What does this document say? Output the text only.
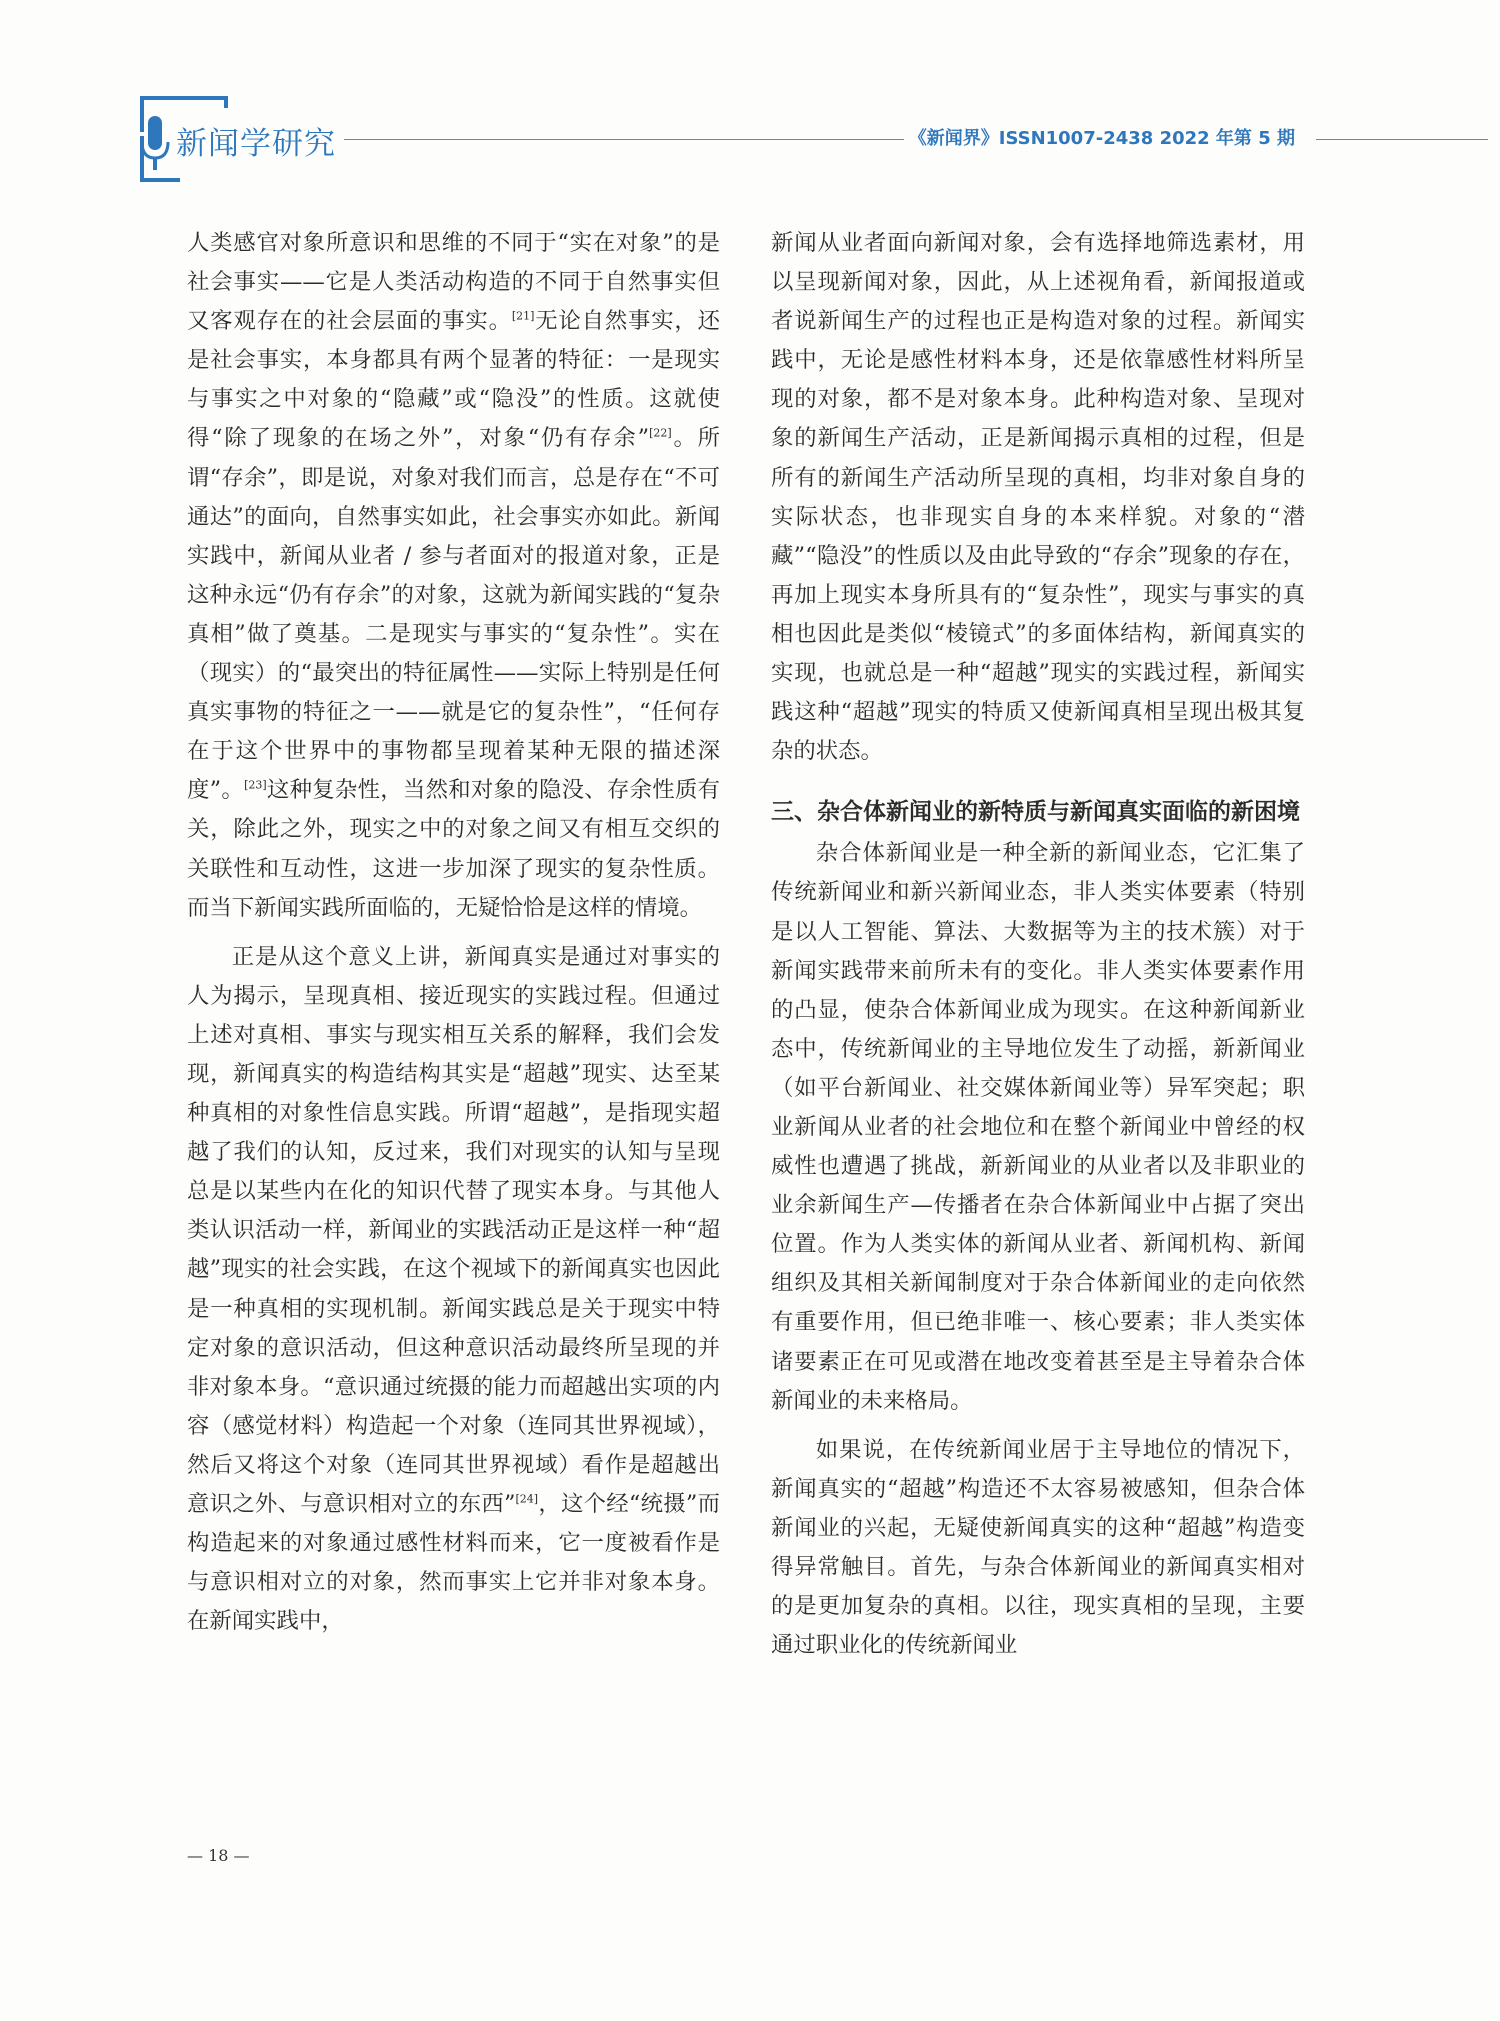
新闻学研究	《新闻界》ISSN1007-2438 2022 年第 5 期

人类感官对象所意识和思维的不同于“实在对象”的是社会事实——它是人类活动构造的不同于自然事实但又客观存在的社会层面的事实。[21]无论自然事实，还是社会事实，本身都具有两个显著的特征：一是现实与事实之中对象的“隐藏”或“隐没”的性质。这就使得“除了现象的在场之外”，对象“仍有存余”[22]。所谓“存余”，即是说，对象对我们而言，总是存在“不可通达”的面向，自然事实如此，社会事实亦如此。新闻实践中，新闻从业者 / 参与者面对的报道对象，正是这种永远“仍有存余”的对象，这就为新闻实践的“复杂真相”做了奠基。二是现实与事实的“复杂性”。实在（现实）的“最突出的特征属性——实际上特别是任何真实事物的特征之一——就是它的复杂性”，“任何存在于这个世界中的事物都呈现着某种无限的描述深度”。[23]这种复杂性，当然和对象的隐没、存余性质有关，除此之外，现实之中的对象之间又有相互交织的关联性和互动性，这进一步加深了现实的复杂性质。而当下新闻实践所面临的，无疑恰恰是这样的情境。

正是从这个意义上讲，新闻真实是通过对事实的人为揭示，呈现真相、接近现实的实践过程。但通过上述对真相、事实与现实相互关系的解释，我们会发现，新闻真实的构造结构其实是“超越”现实、达至某种真相的对象性信息实践。所谓“超越”，是指现实超越了我们的认知，反过来，我们对现实的认知与呈现总是以某些内在化的知识代替了现实本身。与其他人类认识活动一样，新闻业的实践活动正是这样一种“超越”现实的社会实践，在这个视域下的新闻真实也因此是一种真相的实现机制。新闻实践总是关于现实中特定对象的意识活动，但这种意识活动最终所呈现的并非对象本身。“意识通过统摄的能力而超越出实项的内容（感觉材料）构造起一个对象（连同其世界视域），然后又将这个对象（连同其世界视域）看作是超越出意识之外、与意识相对立的东西”[24]，这个经“统摄”而构造起来的对象通过感性材料而来，它一度被看作是与意识相对立的对象，然而事实上它并非对象本身。在新闻实践中，

新闻从业者面向新闻对象，会有选择地筛选素材，用以呈现新闻对象，因此，从上述视角看，新闻报道或者说新闻生产的过程也正是构造对象的过程。新闻实践中，无论是感性材料本身，还是依靠感性材料所呈现的对象，都不是对象本身。此种构造对象、呈现对象的新闻生产活动，正是新闻揭示真相的过程，但是所有的新闻生产活动所呈现的真相，均非对象自身的实际状态，也非现实自身的本来样貌。对象的“潜藏”“隐没”的性质以及由此导致的“存余”现象的存在，再加上现实本身所具有的“复杂性”，现实与事实的真相也因此是类似“棱镜式”的多面体结构，新闻真实的实现，也就总是一种“超越”现实的实践过程，新闻实践这种“超越”现实的特质又使新闻真相呈现出极其复杂的状态。

三、杂合体新闻业的新特质与新闻真实面临的新困境

杂合体新闻业是一种全新的新闻业态，它汇集了传统新闻业和新兴新闻业态，非人类实体要素（特别是以人工智能、算法、大数据等为主的技术簇）对于新闻实践带来前所未有的变化。非人类实体要素作用的凸显，使杂合体新闻业成为现实。在这种新闻新业态中，传统新闻业的主导地位发生了动摇，新新闻业（如平台新闻业、社交媒体新闻业等）异军突起；职业新闻从业者的社会地位和在整个新闻业中曾经的权威性也遭遇了挑战，新新闻业的从业者以及非职业的业余新闻生产—传播者在杂合体新闻业中占据了突出位置。作为人类实体的新闻从业者、新闻机构、新闻组织及其相关新闻制度对于杂合体新闻业的走向依然有重要作用，但已绝非唯一、核心要素；非人类实体诸要素正在可见或潜在地改变着甚至是主导着杂合体新闻业的未来格局。

如果说，在传统新闻业居于主导地位的情况下，新闻真实的“超越”构造还不太容易被感知，但杂合体新闻业的兴起，无疑使新闻真实的这种“超越”构造变得异常触目。首先，与杂合体新闻业的新闻真实相对的是更加复杂的真相。以往，现实真相的呈现，主要通过职业化的传统新闻业

— 18 —
